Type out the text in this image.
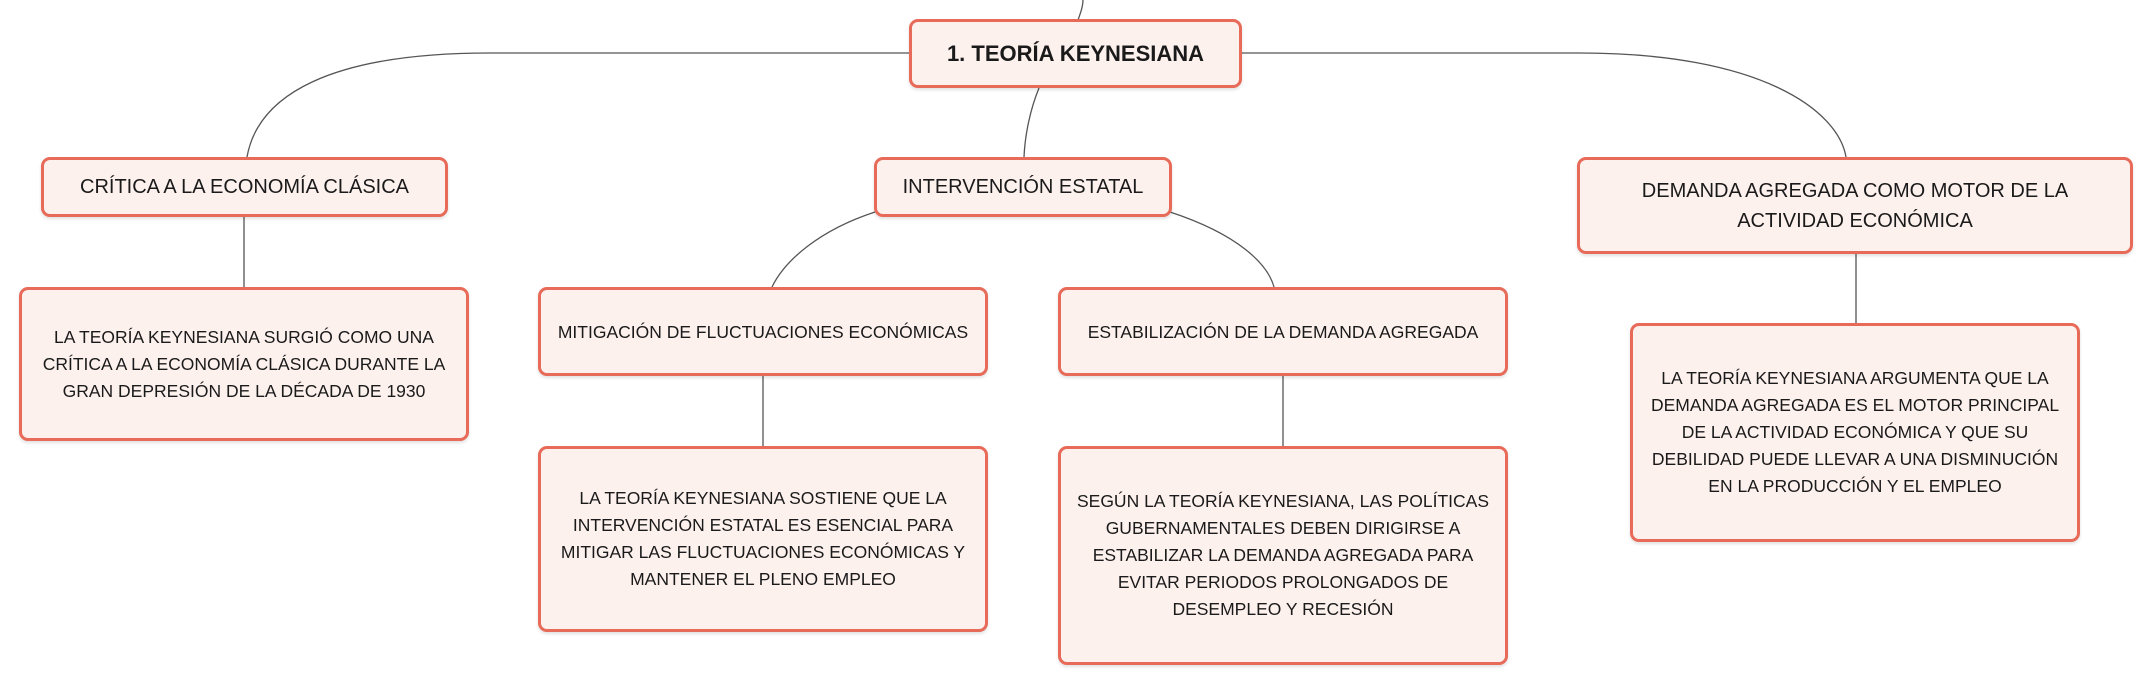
1. TEORÍA KEYNESIANA
CRÍTICA A LA ECONOMÍA CLÁSICA	INTERVENCIÓN ESTATAL	DEMANDA AGREGADA COMO MOTOR DE LA ACTIVIDAD ECONÓMICA
LA TEORÍA KEYNESIANA SURGIÓ COMO UNA CRÍTICA A LA ECONOMÍA CLÁSICA DURANTE LA GRAN DEPRESIÓN DE LA DÉCADA DE 1930
MITIGACIÓN DE FLUCTUACIONES ECONÓMICAS	ESTABILIZACIÓN DE LA DEMANDA AGREGADA
LA TEORÍA KEYNESIANA SOSTIENE QUE LA INTERVENCIÓN ESTATAL ES ESENCIAL PARA MITIGAR LAS FLUCTUACIONES ECONÓMICAS Y MANTENER EL PLENO EMPLEO
SEGÚN LA TEORÍA KEYNESIANA, LAS POLÍTICAS GUBERNAMENTALES DEBEN DIRIGIRSE A ESTABILIZAR LA DEMANDA AGREGADA PARA EVITAR PERIODOS PROLONGADOS DE DESEMPLEO Y RECESIÓN
LA TEORÍA KEYNESIANA ARGUMENTA QUE LA DEMANDA AGREGADA ES EL MOTOR PRINCIPAL DE LA ACTIVIDAD ECONÓMICA Y QUE SU DEBILIDAD PUEDE LLEVAR A UNA DISMINUCIÓN EN LA PRODUCCIÓN Y EL EMPLEO
